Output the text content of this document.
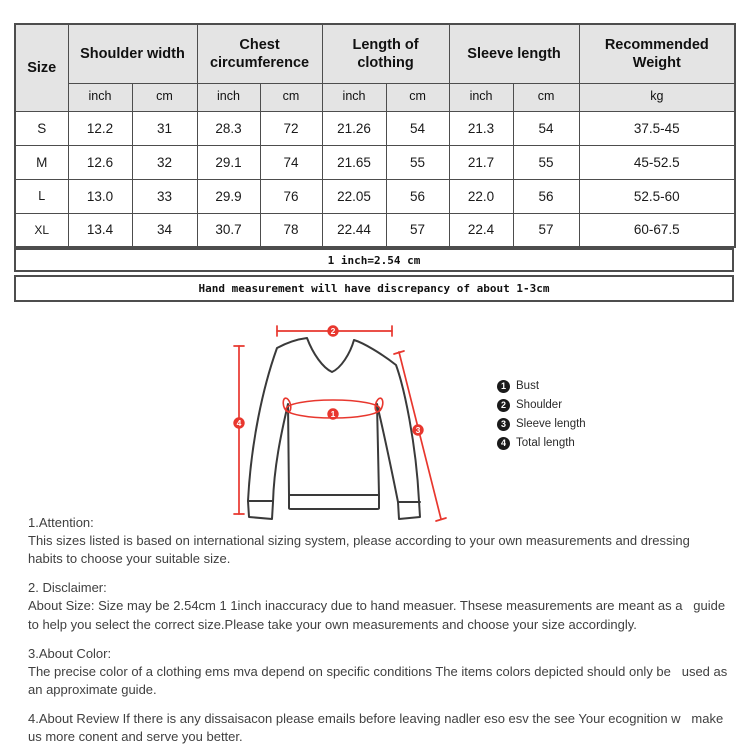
Size	Shoulder width		Chest circumference		Length of clothing		Sleeve length		Recommended Weight
	inch	cm	inch	cm	inch	cm	inch	cm	kg
S	12.2	31	28.3	72	21.26	54	21.3	54	37.5-45
M	12.6	32	29.1	74	21.65	55	21.7	55	45-52.5
L	13.0	33	29.9	76	22.05	56	22.0	56	52.5-60
XL	13.4	34	30.7	78	22.44	57	22.4	57	60-67.5
1 inch=2.54 cm
Hand measurement will have discrepancy of about 1-3cm
2
4
1
3
1 Bust
2 Shoulder
3 Sleeve length
4 Total length
1.Attention:
This sizes listed is based on international sizing system, please according to your own measurements and dressing   habits to choose your suitable size.
2. Disclaimer:
About Size: Size may be 2.54cm 1 1inch inaccuracy due to hand measuer. Thsese measurements are meant as a   guide to help you select the correct size.Please take your own measurements and choose your size accordingly.
3.About Color:
The precise color of a clothing ems mva depend on specific conditions The items colors depicted should only be   used as an approximate guide.
4.About Review If there is any dissaisacon please emails before leaving nadler eso esv the see Your ecognition w   make us more conent and serve you better.
